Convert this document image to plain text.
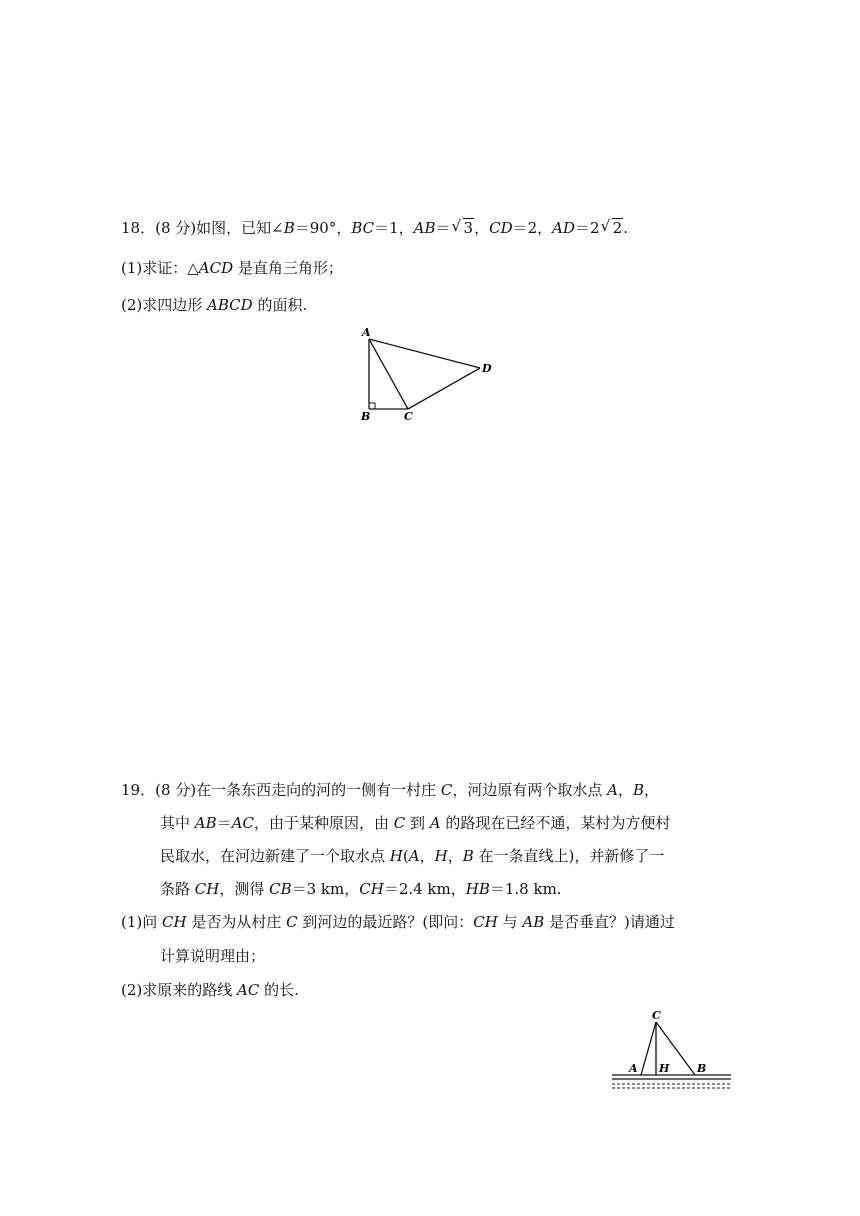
18．(8 分)如图，已知∠B＝90°，BC＝1，AB＝ √ 3，CD＝2，AD＝2 √ 2.
(1)求证：△ACD 是直角三角形；
(2)求四边形 ABCD 的面积.
A
B	C
D
19．(8 分)在一条东西走向的河的一侧有一村庄 C，河边原有两个取水点 A，B，
其中 AB＝AC，由于某种原因，由 C 到 A 的路现在已经不通，某村为方便村
民取水，在河边新建了一个取水点 H(A，H，B 在一条直线上)，并新修了一
条路 CH，测得 CB＝3 km，CH＝2.4 km，HB＝1.8 km.
(1)问 CH 是否为从村庄 C 到河边的最近路？(即问：CH 与 AB 是否垂直？)请通过
计算说明理由；
(2)求原来的路线 AC 的长.
C
A H	B
